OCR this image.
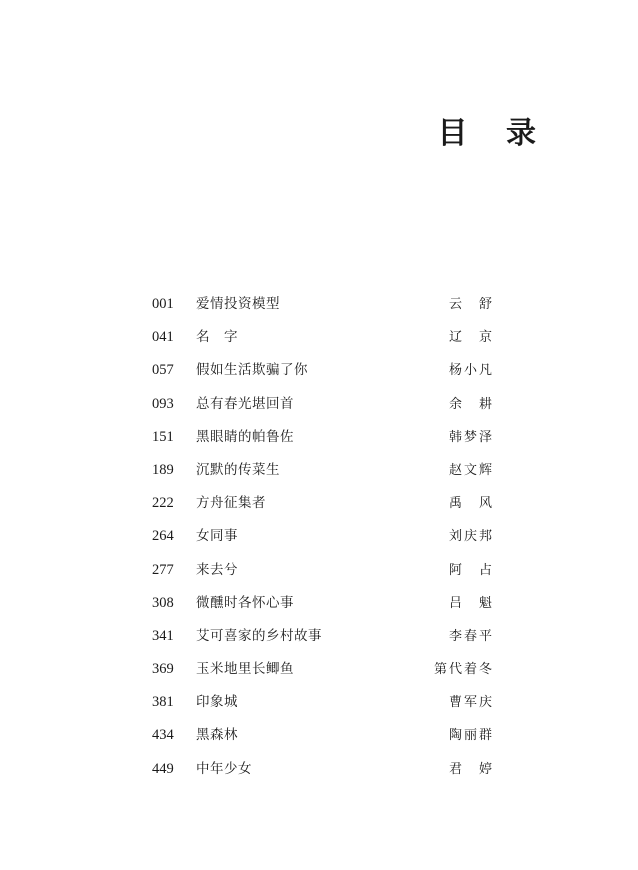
目 录
001 爱情投资模型	云　舒
041 名　字	辽　京
057 假如生活欺骗了你	杨小凡
093 总有春光堪回首	余　耕
151 黑眼睛的帕鲁佐	韩梦泽
189 沉默的传菜生	赵文辉
222 方舟征集者	禹　风
264 女同事	刘庆邦
277 来去兮	阿　占
308 微醺时各怀心事	吕　魁
341 艾可喜家的乡村故事	李春平
369 玉米地里长鲫鱼	第代着冬
381 印象城	曹军庆
434 黑森林	陶丽群
449 中年少女	君　婷
